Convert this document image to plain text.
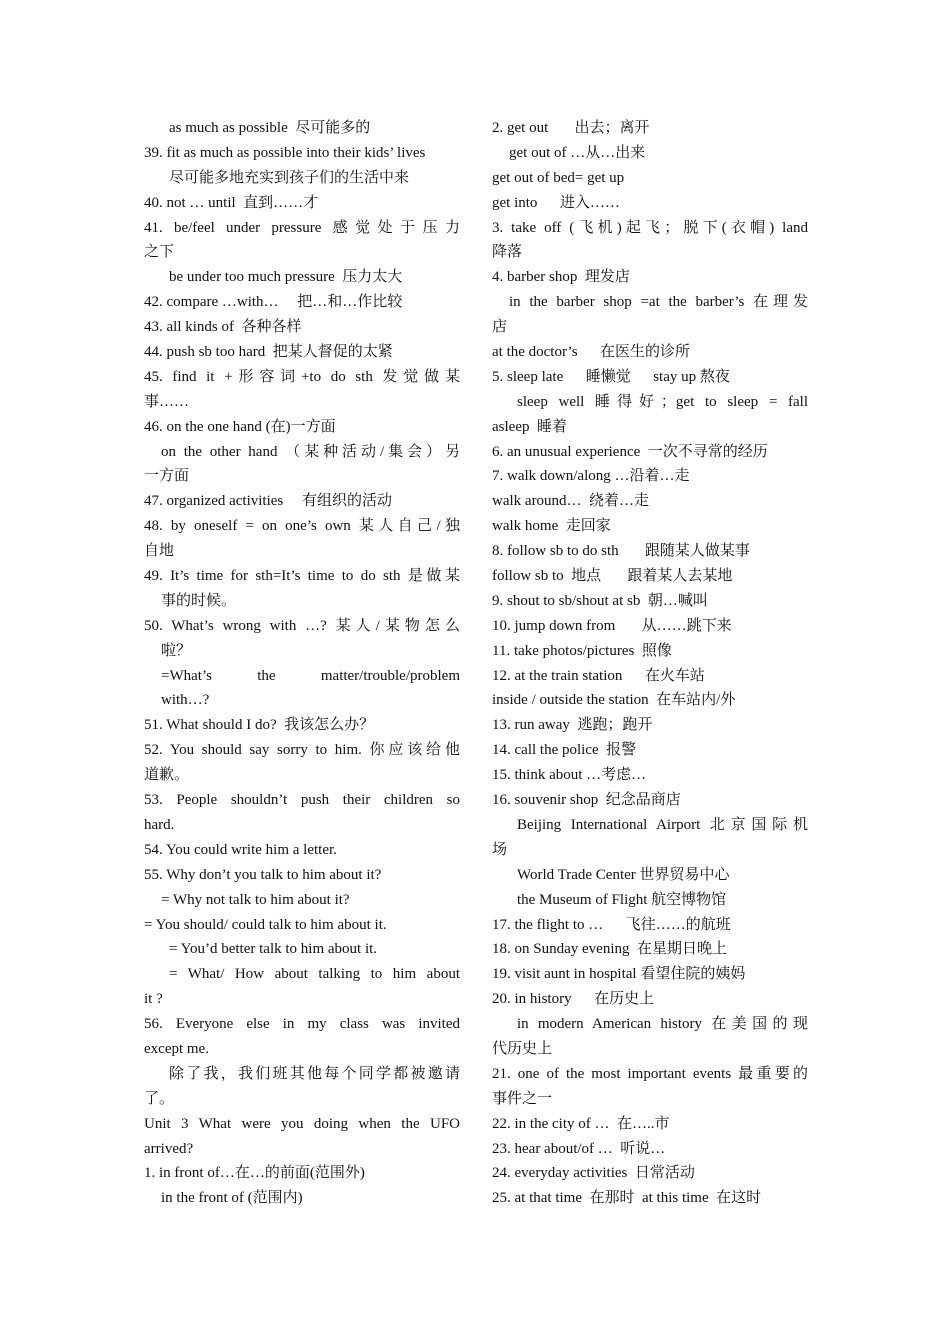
as much as possible  尽可能多的
39. fit as much as possible into their kids’ lives
尽可能多地充实到孩子们的生活中来
40. not … until  直到……才
41. be/feel under pressure 感觉处于压力
之下
be under too much pressure  压力太大
42. compare …with…     把…和…作比较
43. all kinds of  各种各样
44. push sb too hard  把某人督促的太紧
45. find it +形容词+to do sth 发觉做某
事……
46. on the one hand (在)一方面
on the other hand （某种活动/集会）另
一方面
47. organized activities     有组织的活动
48. by oneself = on one’s own 某人自己/独
自地
49. It’s time for sth=It’s time to do sth 是做某
事的时候。
50. What’s wrong with …? 某人/某物怎么
啦？
=What’s the matter/trouble/problem
with…?
51. What should I do?  我该怎么办？
52. You should say sorry to him. 你应该给他
道歉。
53. People shouldn’t push their children so
hard.
54. You could write him a letter.
55. Why don’t you talk to him about it?
= Why not talk to him about it?
= You should/ could talk to him about it.
= You’d better talk to him about it.
= What/ How about talking to him about
it ?
56. Everyone else in my class was invited
except me.
除了我，我们班其他每个同学都被邀请
了。
Unit 3 What were you doing when the UFO
arrived?
1. in front of…在…的前面(范围外)
in the front of (范围内)
2. get out       出去；离开
get out of …从…出来
get out of bed= get up
get into      进入……
3. take off (飞机)起飞；脱下(衣帽) land
降落
4. barber shop  理发店
in the barber shop =at the barber’s 在理发
店
at the doctor’s      在医生的诊所
5. sleep late      睡懒觉      stay up 熬夜
sleep well 睡得好；get to sleep = fall
asleep  睡着
6. an unusual experience  一次不寻常的经历
7. walk down/along …沿着…走
walk around…  绕着…走
walk home  走回家
8. follow sb to do sth       跟随某人做某事
follow sb to  地点       跟着某人去某地
9. shout to sb/shout at sb  朝…喊叫
10. jump down from       从……跳下来
11. take photos/pictures  照像
12. at the train station      在火车站
inside / outside the station  在车站内/外
13. run away  逃跑；跑开
14. call the police  报警
15. think about …考虑…
16. souvenir shop  纪念品商店
Beijing International Airport 北京国际机
场
World Trade Center 世界贸易中心
the Museum of Flight 航空博物馆
17. the flight to …      飞往……的航班
18. on Sunday evening  在星期日晚上
19. visit aunt in hospital 看望住院的姨妈
20. in history      在历史上
in modern American history 在美国的现
代历史上
21. one of the most important events 最重要的
事件之一
22. in the city of …  在…..市
23. hear about/of …  听说…
24. everyday activities  日常活动
25. at that time  在那时  at this time  在这时
